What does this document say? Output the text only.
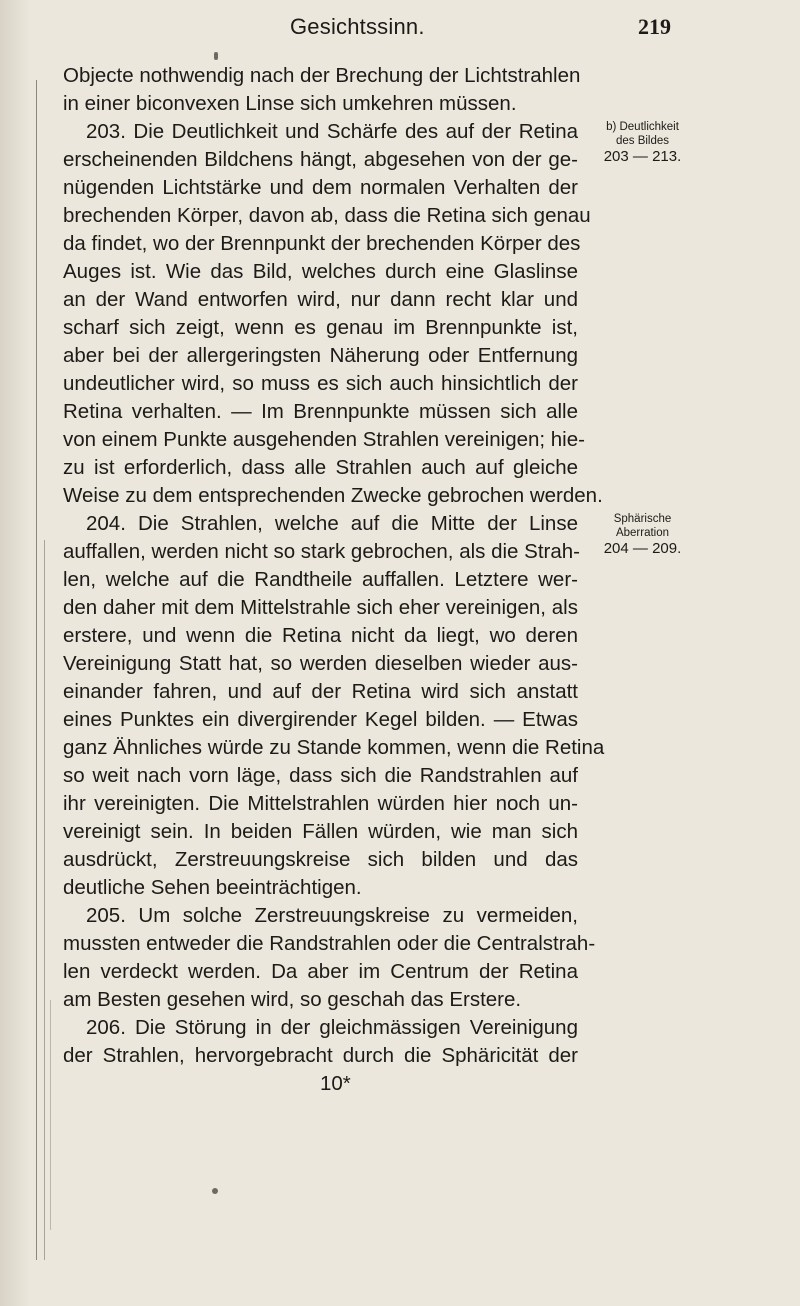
Gesichtssinn.	219
Objecte nothwendig nach der Brechung der Lichtstrahlen
in einer biconvexen Linse sich umkehren müssen.
203. Die Deutlichkeit und Schärfe des auf der Retina
erscheinenden Bildchens hängt, abgesehen von der ge-
nügenden Lichtstärke und dem normalen Verhalten der
brechenden Körper, davon ab, dass die Retina sich genau
da findet, wo der Brennpunkt der brechenden Körper des
Auges ist. Wie das Bild, welches durch eine Glaslinse
an der Wand entworfen wird, nur dann recht klar und
scharf sich zeigt, wenn es genau im Brennpunkte ist,
aber bei der allergeringsten Näherung oder Entfernung
undeutlicher wird, so muss es sich auch hinsichtlich der
Retina verhalten. — Im Brennpunkte müssen sich alle
von einem Punkte ausgehenden Strahlen vereinigen; hie-
zu ist erforderlich, dass alle Strahlen auch auf gleiche
Weise zu dem entsprechenden Zwecke gebrochen werden.
204. Die Strahlen, welche auf die Mitte der Linse
auffallen, werden nicht so stark gebrochen, als die Strah-
len, welche auf die Randtheile auffallen. Letztere wer-
den daher mit dem Mittelstrahle sich eher vereinigen, als
erstere, und wenn die Retina nicht da liegt, wo deren
Vereinigung Statt hat, so werden dieselben wieder aus-
einander fahren, und auf der Retina wird sich anstatt
eines Punktes ein divergirender Kegel bilden. — Etwas
ganz Ähnliches würde zu Stande kommen, wenn die Retina
so weit nach vorn läge, dass sich die Randstrahlen auf
ihr vereinigten. Die Mittelstrahlen würden hier noch un-
vereinigt sein. In beiden Fällen würden, wie man sich
ausdrückt, Zerstreuungskreise sich bilden und das
deutliche Sehen beeinträchtigen.
205. Um solche Zerstreuungskreise zu vermeiden,
mussten entweder die Randstrahlen oder die Centralstrah-
len verdeckt werden. Da aber im Centrum der Retina
am Besten gesehen wird, so geschah das Erstere.
206. Die Störung in der gleichmässigen Vereinigung
der Strahlen, hervorgebracht durch die Sphäricität der
10*
b) Deutlichkeit
des Bildes
203 — 213.
Sphärische
Aberration
204 — 209.
